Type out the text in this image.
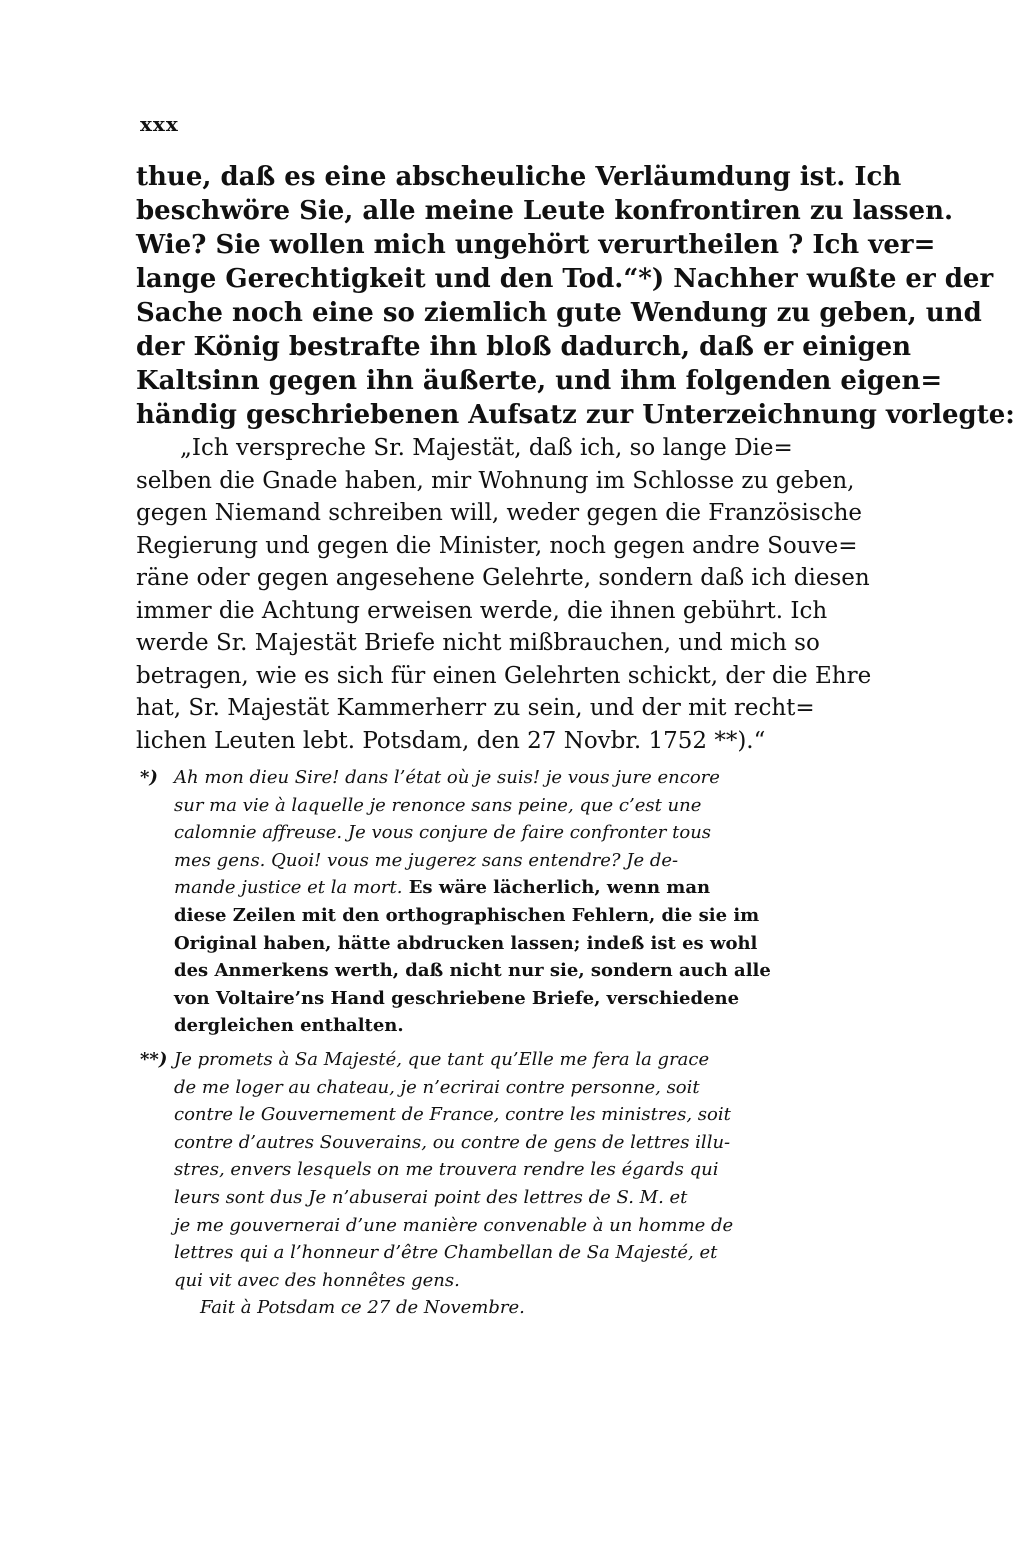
xxx
thue, daß es eine abscheuliche Verläumdung ist. Ich
beschwöre Sie, alle meine Leute konfrontiren zu lassen.
Wie? Sie wollen mich ungehört verurtheilen ? Ich ver=
lange Gerechtigkeit und den Tod.“*) Nachher wußte er der
Sache noch eine so ziemlich gute Wendung zu geben, und
der König bestrafte ihn bloß dadurch, daß er einigen
Kaltsinn gegen ihn äußerte, und ihm folgenden eigen=
händig geschriebenen Aufsatz zur Unterzeichnung vorlegte:
„Ich verspreche Sr. Majestät, daß ich, so lange Die=
selben die Gnade haben, mir Wohnung im Schlosse zu geben,
gegen Niemand schreiben will, weder gegen die Französische
Regierung und gegen die Minister, noch gegen andre Souve=
räne oder gegen angesehene Gelehrte, sondern daß ich diesen
immer die Achtung erweisen werde, die ihnen gebührt. Ich
werde Sr. Majestät Briefe nicht mißbrauchen, und mich so
betragen, wie es sich für einen Gelehrten schickt, der die Ehre
hat, Sr. Majestät Kammerherr zu sein, und der mit recht=
lichen Leuten lebt. Potsdam, den 27 Novbr. 1752 **).“
*) Ah mon dieu Sire! dans l’état où je suis! je vous jure encore
sur ma vie à laquelle je renonce sans peine, que c’est une
calomnie affreuse. Je vous conjure de faire confronter tous
mes gens. Quoi! vous me jugerez sans entendre? Je de-
mande justice et la mort. Es wäre lächerlich, wenn man
diese Zeilen mit den orthographischen Fehlern, die sie im
Original haben, hätte abdrucken lassen; indeß ist es wohl
des Anmerkens werth, daß nicht nur sie, sondern auch alle
von Voltaire’ns Hand geschriebene Briefe, verschiedene
dergleichen enthalten.
**) Je promets à Sa Majesté, que tant qu’Elle me fera la grace
de me loger au chateau, je n’ecrirai contre personne, soit
contre le Gouvernement de France, contre les ministres, soit
contre d’autres Souverains, ou contre de gens de lettres illu-
stres, envers lesquels on me trouvera rendre les égards qui
leurs sont dus Je n’abuserai point des lettres de S. M. et
je me gouvernerai d’une manière convenable à un homme de
lettres qui a l’honneur d’être Chambellan de Sa Majesté, et
qui vit avec des honnêtes gens.
Fait à Potsdam ce 27 de Novembre.
